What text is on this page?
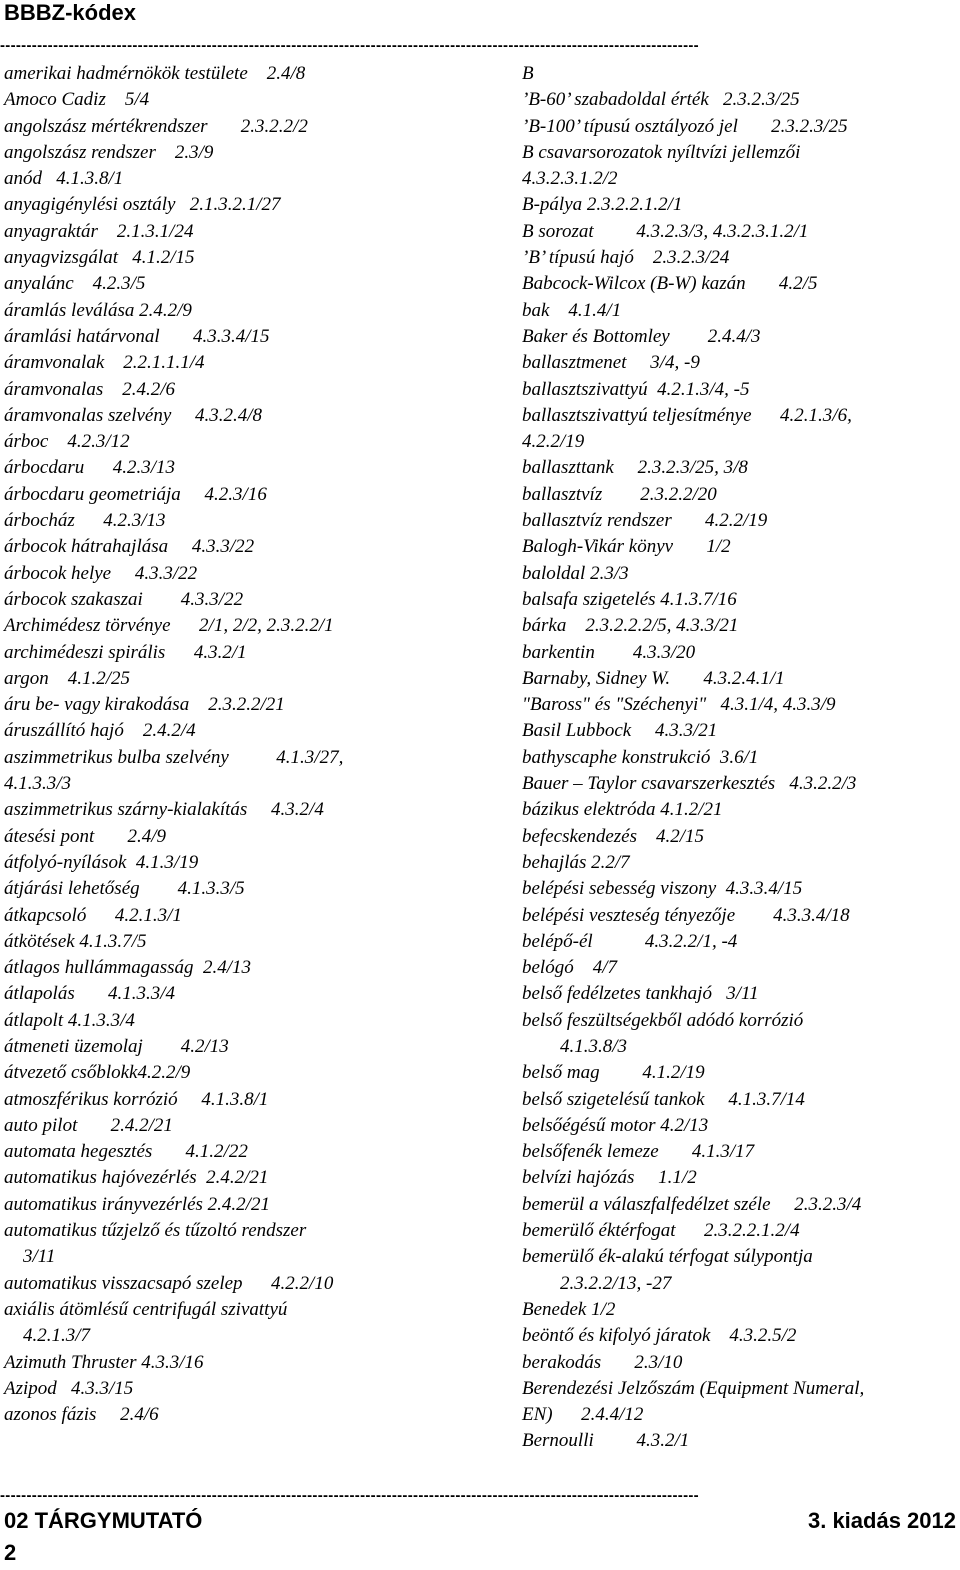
BBBZ-kódex
------------------------------------------------------------------------------------------------------------------------------------
amerikai hadmérnökök testülete    2.4/8
Amoco Cadiz    5/4
angolszász mértékrendszer       2.3.2.2/2
angolszász rendszer    2.3/9
anód   4.1.3.8/1
anyagigénylési osztály   2.1.3.2.1/27
anyagraktár    2.1.3.1/24
anyagvizsgálat   4.1.2/15
anyalánc    4.2.3/5
áramlás leválása 2.4.2/9
áramlási határvonal       4.3.3.4/15
áramvonalak    2.2.1.1.1/4
áramvonalas    2.4.2/6
áramvonalas szelvény     4.3.2.4/8
árboc    4.2.3/12
árbocdaru      4.2.3/13
árbocdaru geometriája     4.2.3/16
árbocház      4.2.3/13
árbocok hátrahajlása     4.3.3/22
árbocok helye     4.3.3/22
árbocok szakaszai        4.3.3/22
Archimédesz törvénye      2/1, 2/2, 2.3.2.2/1
archimédeszi spirális      4.3.2/1
argon    4.1.2/25
áru be- vagy kirakodása    2.3.2.2/21
áruszállító hajó    2.4.2/4
aszimmetrikus bulba szelvény          4.1.3/27,
4.1.3.3/3
aszimmetrikus szárny-kialakítás     4.3.2/4
átesési pont       2.4/9
átfolyó-nyílások  4.1.3/19
átjárási lehetőség        4.1.3.3/5
átkapcsoló      4.2.1.3/1
átkötések 4.1.3.7/5
átlagos hullámmagasság  2.4/13
átlapolás       4.1.3.3/4
átlapolt 4.1.3.3/4
átmeneti üzemolaj        4.2/13
átvezető csőblokk4.2.2/9
atmoszférikus korrózió     4.1.3.8/1
auto pilot       2.4.2/21
automata hegesztés       4.1.2/22
automatikus hajóvezérlés  2.4.2/21
automatikus irányvezérlés 2.4.2/21
automatikus tűzjelző és tűzoltó rendszer
3/11
automatikus visszacsapó szelep      4.2.2/10
axiális átömlésű centrifugál szivattyú
4.2.1.3/7
Azimuth Thruster 4.3.3/16
Azipod   4.3.3/15
azonos fázis     2.4/6
B
’B-60’ szabadoldal érték   2.3.2.3/25
’B-100’ típusú osztályozó jel       2.3.2.3/25
B csavarsorozatok nyíltvízi jellemzői
4.3.2.3.1.2/2
B-pálya 2.3.2.2.1.2/1
B sorozat         4.3.2.3/3, 4.3.2.3.1.2/1
’B’ típusú hajó    2.3.2.3/24
Babcock-Wilcox (B-W) kazán       4.2/5
bak    4.1.4/1
Baker és Bottomley        2.4.4/3
ballasztmenet     3/4, -9
ballasztszivattyú  4.2.1.3/4, -5
ballasztszivattyú teljesítménye      4.2.1.3/6,
4.2.2/19
ballaszttank     2.3.2.3/25, 3/8
ballasztvíz        2.3.2.2/20
ballasztvíz rendszer       4.2.2/19
Balogh-Vikár könyv       1/2
baloldal 2.3/3
balsafa szigetelés 4.1.3.7/16
bárka    2.3.2.2.2/5, 4.3.3/21
barkentin        4.3.3/20
Barnaby, Sidney W.       4.3.2.4.1/1
"Baross" és "Széchenyi"   4.3.1/4, 4.3.3/9
Basil Lubbock     4.3.3/21
bathyscaphe konstrukció  3.6/1
Bauer – Taylor csavarszerkesztés   4.3.2.2/3
bázikus elektróda 4.1.2/21
befecskendezés    4.2/15
behajlás 2.2/7
belépési sebesség viszony  4.3.3.4/15
belépési veszteség tényezője        4.3.3.4/18
belépő-él           4.3.2.2/1, -4
belógó    4/7
belső fedélzetes tankhajó   3/11
belső feszültségekből adódó korrózió
4.1.3.8/3
belső mag         4.1.2/19
belső szigetelésű tankok     4.1.3.7/14
belsőégésű motor 4.2/13
belsőfenék lemeze       4.1.3/17
belvízi hajózás     1.1/2
bemerül a válaszfalfedélzet széle     2.3.2.3/4
bemerülő éktérfogat      2.3.2.2.1.2/4
bemerülő ék-alakú térfogat súlypontja
2.3.2.2/13, -27
Benedek 1/2
beöntő és kifolyó járatok    4.3.2.5/2
berakodás       2.3/10
Berendezési Jelzőszám (Equipment Numeral,
EN)      2.4.4/12
Bernoulli         4.3.2/1
------------------------------------------------------------------------------------------------------------------------------------
02 TÁRGYMUTATÓ	3. kiadás 2012
2
